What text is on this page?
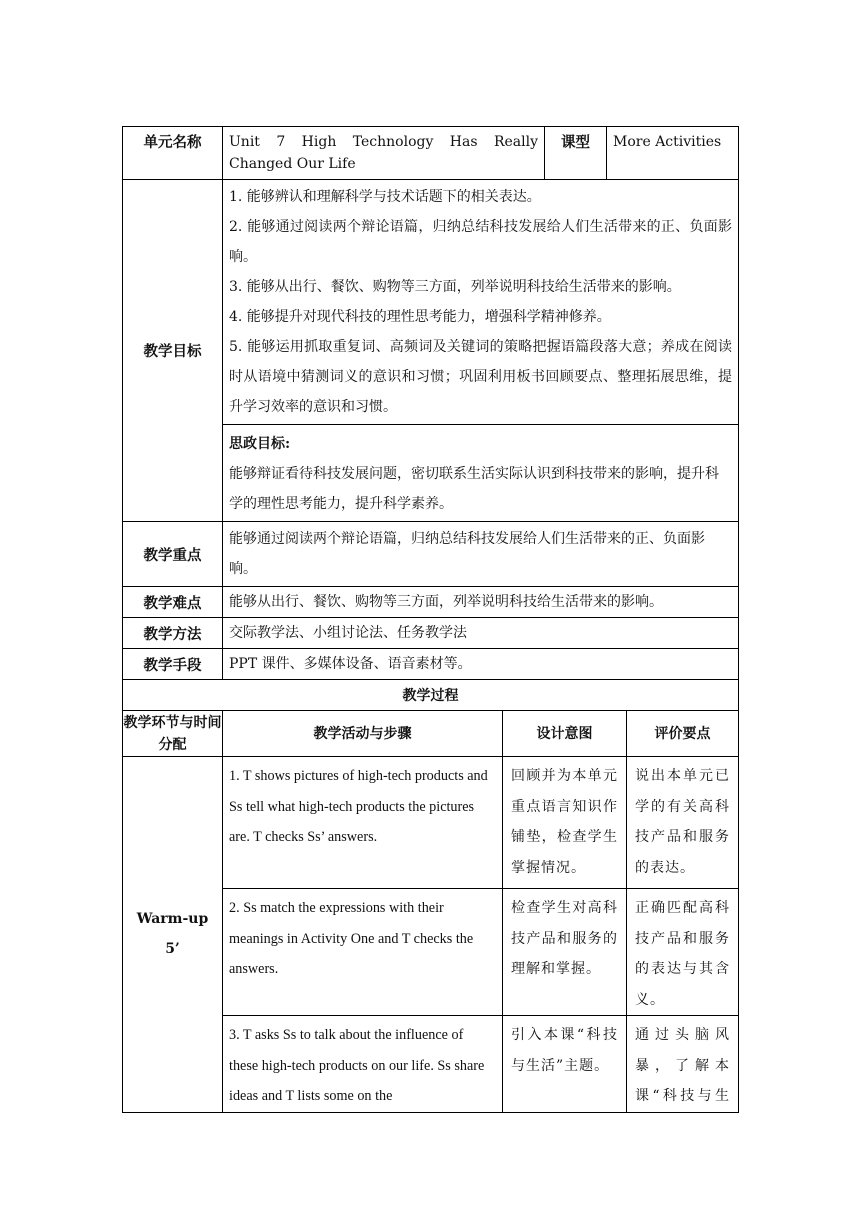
单元名称	Unit 7 High Technology Has Really Changed Our Life	课型	More Activities
教学目标	1. 能够辨认和理解科学与技术话题下的相关表达。

2. 能够通过阅读两个辩论语篇，归纳总结科技发展给人们生活带来的正、负面影响。

3. 能够从出行、餐饮、购物等三方面，列举说明科技给生活带来的影响。

4. 能够提升对现代科技的理性思考能力，增强科学精神修养。

5. 能够运用抓取重复词、高频词及关键词的策略把握语篇段落大意；养成在阅读时从语境中猜测词义的意识和习惯；巩固利用板书回顾要点、整理拓展思维，提升学习效率的意识和习惯。		

	思政目标:

能够辩证看待科技发展问题，密切联系生活实际认识到科技带来的影响，提升科学的理性思考能力，提升科学素养。		

教学重点	能够通过阅读两个辩论语篇，归纳总结科技发展给人们生活带来的正、负面影响。		
教学难点	能够从出行、餐饮、购物等三方面，列举说明科技给生活带来的影响。		
教学方法	交际教学法、小组讨论法、任务教学法		
教学手段	PPT 课件、多媒体设备、语音素材等。		
教学过程			
教学环节与时间分配	教学活动与步骤	设计意图	评价要点

Warm-up
5’	1. T shows pictures of high-tech products and Ss tell what high-tech products the pictures are. T checks Ss’ answers.	回顾并为本单元重点语言知识作铺垫，检查学生掌握情况。	说出本单元已学的有关高科技产品和服务的表达。
	2. Ss match the expressions with their meanings in Activity One and T checks the answers.	检查学生对高科技产品和服务的理解和掌握。	正确匹配高科技产品和服务的表达与其含义。
	3. T asks Ss to talk about the influence of these high-tech products on our life. Ss share ideas and T lists some on the	引入本课“科技与生活”主题。	通过头脑风暴，了解本课“科技与生
